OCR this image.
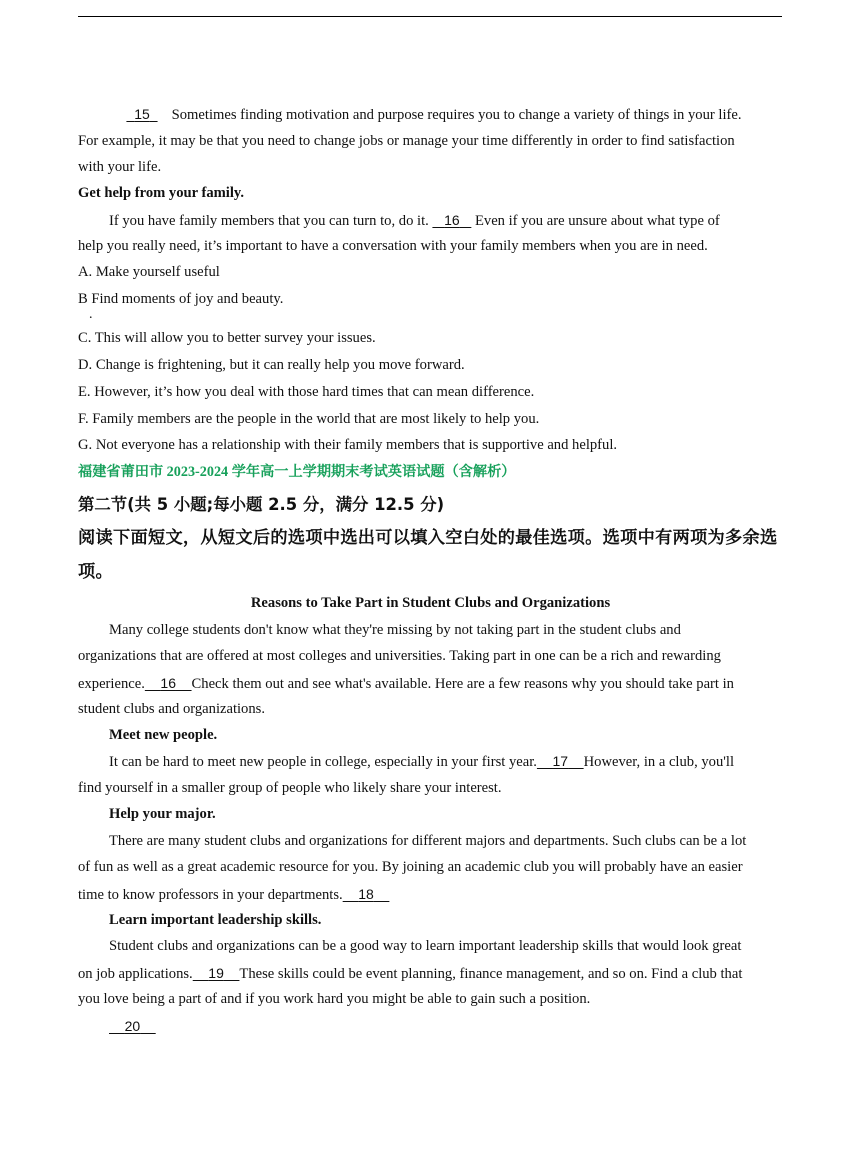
15   Sometimes finding motivation and purpose requires you to change a variety of things in your life.
For example, it may be that you need to change jobs or manage your time differently in order to find satisfaction
with your life.
Get help from your family.
If you have family members that you can turn to, do it.    16    Even if you are unsure about what type of
help you really need, it’s important to have a conversation with your family members when you are in need.
A. Make yourself useful
B Find moments of joy and beauty.
.
C. This will allow you to better survey your issues.
D. Change is frightening, but it can really help you move forward.
E. However, it’s how you deal with those hard times that can mean difference.
F. Family members are the people in the world that are most likely to help you.
G. Not everyone has a relationship with their family members that is supportive and helpful.
福建省莆田市 2023-2024 学年高一上学期期末考试英语试题（含解析）
第二节(共 5 小题;每小题 2.5 分，满分 12.5 分)
阅读下面短文，从短文后的选项中选出可以填入空白处的最佳选项。选项中有两项为多余选
项。
Reasons to Take Part in Student Clubs and Organizations
Many college students don't know what they're missing by not taking part in the student clubs and
organizations that are offered at most colleges and universities. Taking part in one can be a rich and rewarding
experience. 16 Check them out and see what's available. Here are a few reasons why you should take part in
student clubs and organizations.
Meet new people.
It can be hard to meet new people in college, especially in your first year. 17 However, in a club, you'll
find yourself in a smaller group of people who likely share your interest.
Help your major.
There are many student clubs and organizations for different majors and departments. Such clubs can be a lot
of fun as well as a great academic resource for you. By joining an academic club you will probably have an easier
time to know professors in your departments. 18
Learn important leadership skills.
Student clubs and organizations can be a good way to learn important leadership skills that would look great
on job applications. 19 These skills could be event planning, finance management, and so on. Find a club that
you love being a part of and if you work hard you might be able to gain such a position.
20
